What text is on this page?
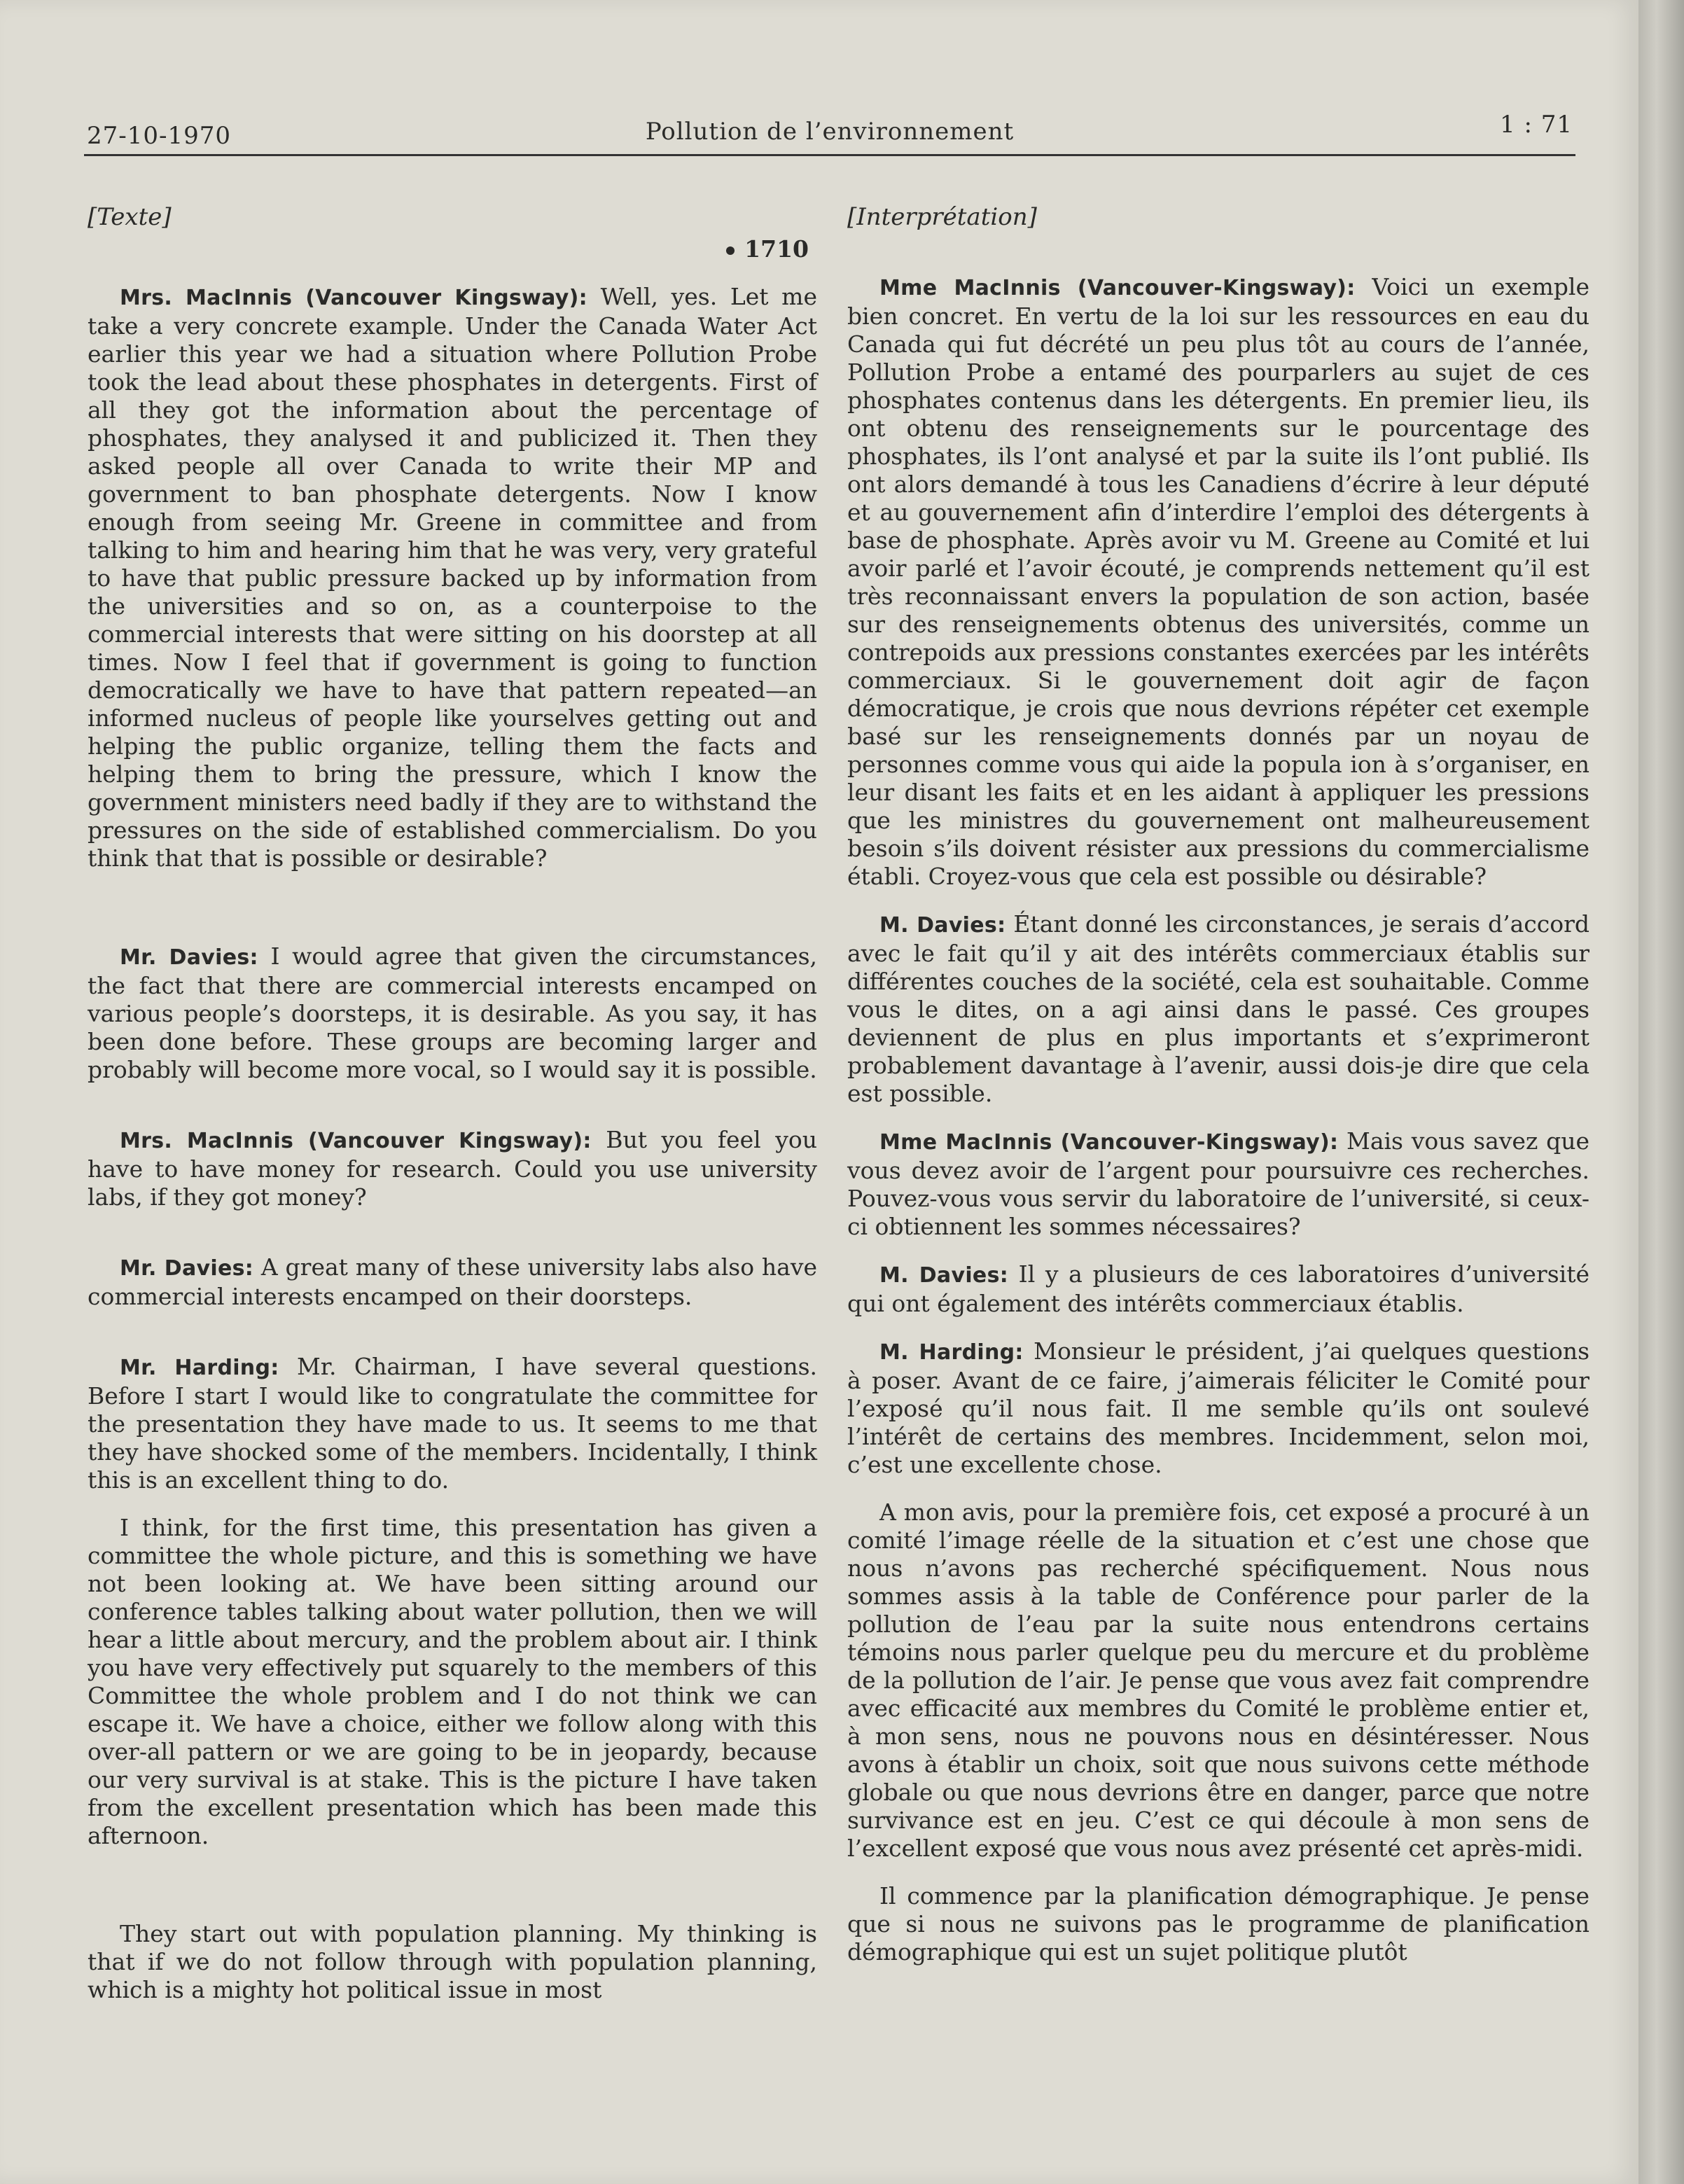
27-10-1970	Pollution de l’environnement	1 : 71
[Texte]
1710

Mrs. MacInnis (Vancouver Kingsway): Well, yes. Let me take a very concrete example. Under the Canada Water Act earlier this year we had a situation where Pollution Probe took the lead about these phosphates in detergents. First of all they got the information about the percentage of phosphates, they analysed it and publicized it. Then they asked people all over Canada to write their MP and government to ban phosphate detergents. Now I know enough from seeing Mr. Greene in committee and from talking to him and hearing him that he was very, very grateful to have that public pressure backed up by information from the universities and so on, as a counterpoise to the commercial interests that were sitting on his doorstep at all times. Now I feel that if government is going to function democratically we have to have that pattern repeated—an informed nucleus of people like yourselves getting out and helping the public organize, telling them the facts and helping them to bring the pressure, which I know the government ministers need badly if they are to withstand the pressures on the side of established commercialism. Do you think that that is possible or desirable?

Mr. Davies: I would agree that given the circumstances, the fact that there are commercial interests encamped on various people’s doorsteps, it is desirable. As you say, it has been done before. These groups are becoming larger and probably will become more vocal, so I would say it is possible.

Mrs. MacInnis (Vancouver Kingsway): But you feel you have to have money for research. Could you use university labs, if they got money?

Mr. Davies: A great many of these university labs also have commercial interests encamped on their doorsteps.

Mr. Harding: Mr. Chairman, I have several questions. Before I start I would like to congratulate the committee for the presentation they have made to us. It seems to me that they have shocked some of the members. Incidentally, I think this is an excellent thing to do.

I think, for the first time, this presentation has given a committee the whole picture, and this is something we have not been looking at. We have been sitting around our conference tables talking about water pollution, then we will hear a little about mercury, and the problem about air. I think you have very effectively put squarely to the members of this Committee the whole problem and I do not think we can escape it. We have a choice, either we follow along with this over-all pattern or we are going to be in jeopardy, because our very survival is at stake. This is the picture I have taken from the excellent presentation which has been made this afternoon.

They start out with population planning. My thinking is that if we do not follow through with population planning, which is a mighty hot political issue in most

[Interprétation]

Mme MacInnis (Vancouver-Kingsway): Voici un exemple bien concret. En vertu de la loi sur les ressources en eau du Canada qui fut décrété un peu plus tôt au cours de l’année, Pollution Probe a entamé des pourparlers au sujet de ces phosphates contenus dans les détergents. En premier lieu, ils ont obtenu des renseignements sur le pourcentage des phosphates, ils l’ont analysé et par la suite ils l’ont publié. Ils ont alors demandé à tous les Canadiens d’écrire à leur député et au gouvernement afin d’interdire l’emploi des détergents à base de phosphate. Après avoir vu M. Greene au Comité et lui avoir parlé et l’avoir écouté, je comprends nettement qu’il est très reconnaissant envers la population de son action, basée sur des renseignements obtenus des universités, comme un contrepoids aux pressions constantes exercées par les intérêts commerciaux. Si le gouvernement doit agir de façon démocratique, je crois que nous devrions répéter cet exemple basé sur les renseignements donnés par un noyau de personnes comme vous qui aide la popula ion à s’organiser, en leur disant les faits et en les aidant à appliquer les pressions que les ministres du gouvernement ont malheureusement besoin s’ils doivent résister aux pressions du commercialisme établi. Croyez-vous que cela est possible ou désirable?

M. Davies: Étant donné les circonstances, je serais d’accord avec le fait qu’il y ait des intérêts commerciaux établis sur différentes couches de la société, cela est souhaitable. Comme vous le dites, on a agi ainsi dans le passé. Ces groupes deviennent de plus en plus importants et s’exprimeront probablement davantage à l’avenir, aussi dois-je dire que cela est possible.

Mme MacInnis (Vancouver-Kingsway): Mais vous savez que vous devez avoir de l’argent pour poursuivre ces recherches. Pouvez-vous vous servir du laboratoire de l’université, si ceux-ci obtiennent les sommes nécessaires?

M. Davies: Il y a plusieurs de ces laboratoires d’université qui ont également des intérêts commerciaux établis.

M. Harding: Monsieur le président, j’ai quelques questions à poser. Avant de ce faire, j’aimerais féliciter le Comité pour l’exposé qu’il nous fait. Il me semble qu’ils ont soulevé l’intérêt de certains des membres. Incidemment, selon moi, c’est une excellente chose.

A mon avis, pour la première fois, cet exposé a procuré à un comité l’image réelle de la situation et c’est une chose que nous n’avons pas recherché spécifiquement. Nous nous sommes assis à la table de Conférence pour parler de la pollution de l’eau par la suite nous entendrons certains témoins nous parler quelque peu du mercure et du problème de la pollution de l’air. Je pense que vous avez fait comprendre avec efficacité aux membres du Comité le problème entier et, à mon sens, nous ne pouvons nous en désintéresser. Nous avons à établir un choix, soit que nous suivons cette méthode globale ou que nous devrions être en danger, parce que notre survivance est en jeu. C’est ce qui découle à mon sens de l’excellent exposé que vous nous avez présenté cet après-midi.

Il commence par la planification démographique. Je pense que si nous ne suivons pas le programme de planification démographique qui est un sujet politique plutôt
